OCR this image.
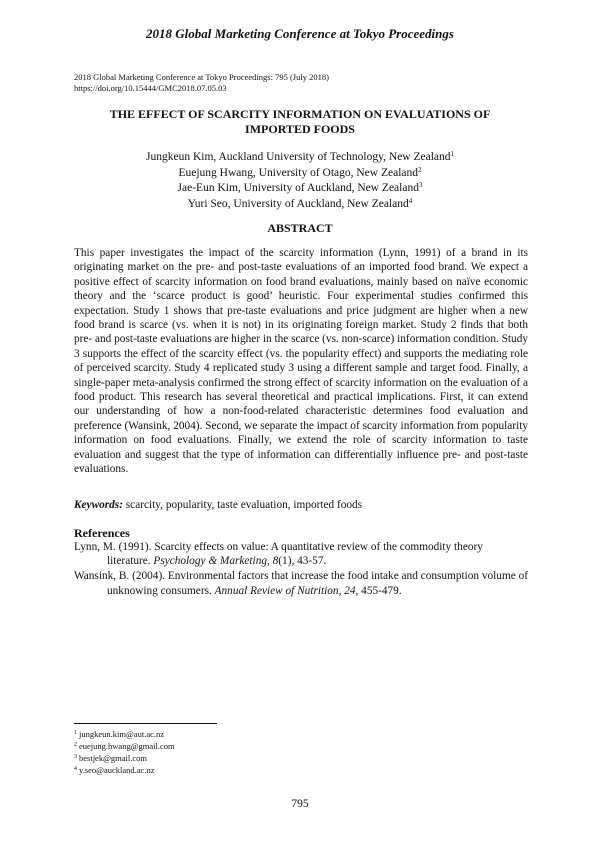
2018 Global Marketing Conference at Tokyo Proceedings
2018 Global Marketing Conference at Tokyo Proceedings: 795 (July 2018)
https://doi.org/10.15444/GMC2018.07.05.03
THE EFFECT OF SCARCITY INFORMATION ON EVALUATIONS OF
IMPORTED FOODS
Jungkeun Kim, Auckland University of Technology, New Zealand$^1$
Euejung Hwang, University of Otago, New Zealand$^2$
Jae-Eun Kim, University of Auckland, New Zealand$^3$
Yuri Seo, University of Auckland, New Zealand$^4$
ABSTRACT

This paper investigates the impact of the scarcity information (Lynn, 1991) of a brand in its originating market on the pre- and post-taste evaluations of an imported food brand. We expect a positive effect of scarcity information on food brand evaluations, mainly based on naïve economic theory and the ‘scarce product is good’ heuristic. Four experimental studies confirmed this expectation. Study 1 shows that pre-taste evaluations and price judgment are higher when a new food brand is scarce (vs. when it is not) in its originating foreign market. Study 2 finds that both pre- and post-taste evaluations are higher in the scarce (vs. non-scarce) information condition. Study 3 supports the effect of the scarcity effect (vs. the popularity effect) and supports the mediating role of perceived scarcity. Study 4 replicated study 3 using a different sample and target food. Finally, a single-paper meta-analysis confirmed the strong effect of scarcity information on the evaluation of a food product. This research has several theoretical and practical implications. First, it can extend our understanding of how a non-food-related characteristic determines food evaluation and preference (Wansink, 2004). Second, we separate the impact of scarcity information from popularity information on food evaluations. Finally, we extend the role of scarcity information to taste evaluation and suggest that the type of information can differentially influence pre- and post-taste evaluations.

Keywords: scarcity, popularity, taste evaluation, imported foods
References
Lynn, M. (1991). Scarcity effects on value: A quantitative review of the commodity theory literature. Psychology & Marketing, 8(1), 43-57.
Wansink, B. (2004). Environmental factors that increase the food intake and consumption volume of unknowing consumers. Annual Review of Nutrition, 24, 455-479.
$^1$ jungkeun.kim@aut.ac.nz
$^2$ euejung.hwang@gmail.com
$^3$ bestjek@gmail.com
$^4$ y.seo@auckland.ac.nz
795
